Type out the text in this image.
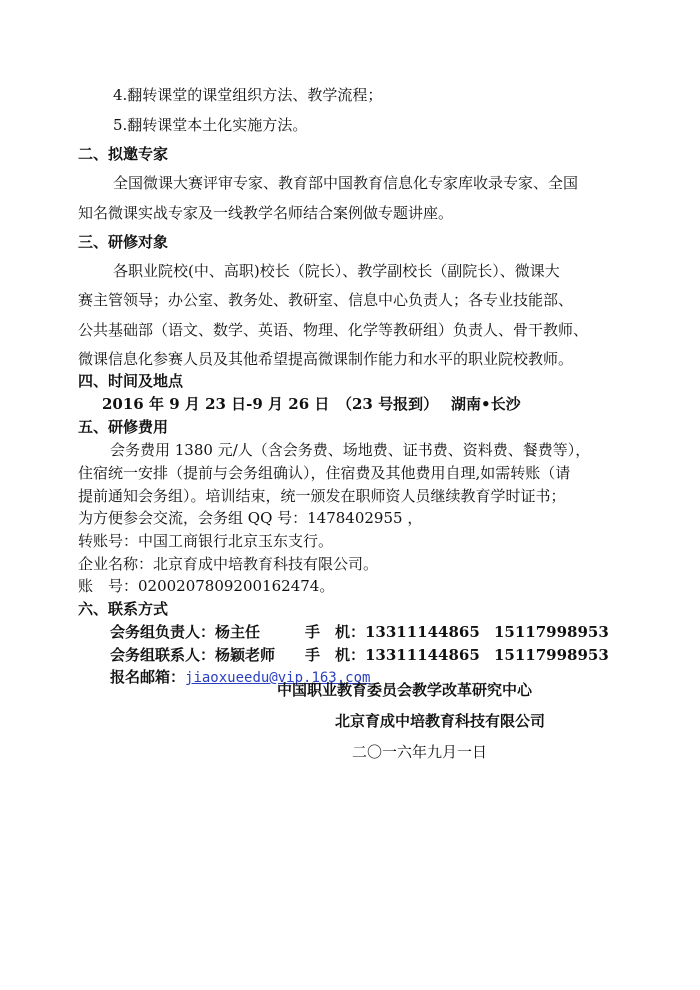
4.翻转课堂的课堂组织方法、教学流程；
5.翻转课堂本土化实施方法。
二、拟邀专家
全国微课大赛评审专家、教育部中国教育信息化专家库收录专家、全国
知名微课实战专家及一线教学名师结合案例做专题讲座。
三、研修对象
各职业院校(中、高职)校长（院长）、教学副校长（副院长）、微课大
赛主管领导；办公室、教务处、教研室、信息中心负责人；各专业技能部、
公共基础部（语文、数学、英语、物理、化学等教研组）负责人、骨干教师、
微课信息化参赛人员及其他希望提高微课制作能力和水平的职业院校教师。
四、时间及地点
2016 年 9 月 23 日-9 月 26 日 （23 号报到） 湖南•长沙
五、研修费用
会务费用 1380 元/人（含会务费、场地费、证书费、资料费、餐费等），
住宿统一安排（提前与会务组确认），住宿费及其他费用自理,如需转账（请
提前通知会务组）。培训结束，统一颁发在职师资人员继续教育学时证书；
为方便参会交流，会务组 QQ 号：1478402955 ，
转账号：中国工商银行北京玉东支行。
企业名称：北京育成中培教育科技有限公司。
账　号：0200207809200162474。
六、联系方式
会务组负责人：杨主任	手　机：13311144865 15117998953
会务组联系人：杨颖老师 手　机：13311144865 15117998953
报名邮箱：jiaoxueedu@vip.163.com
中国职业教育委员会教学改革研究中心
北京育成中培教育科技有限公司
二〇一六年九月一日
